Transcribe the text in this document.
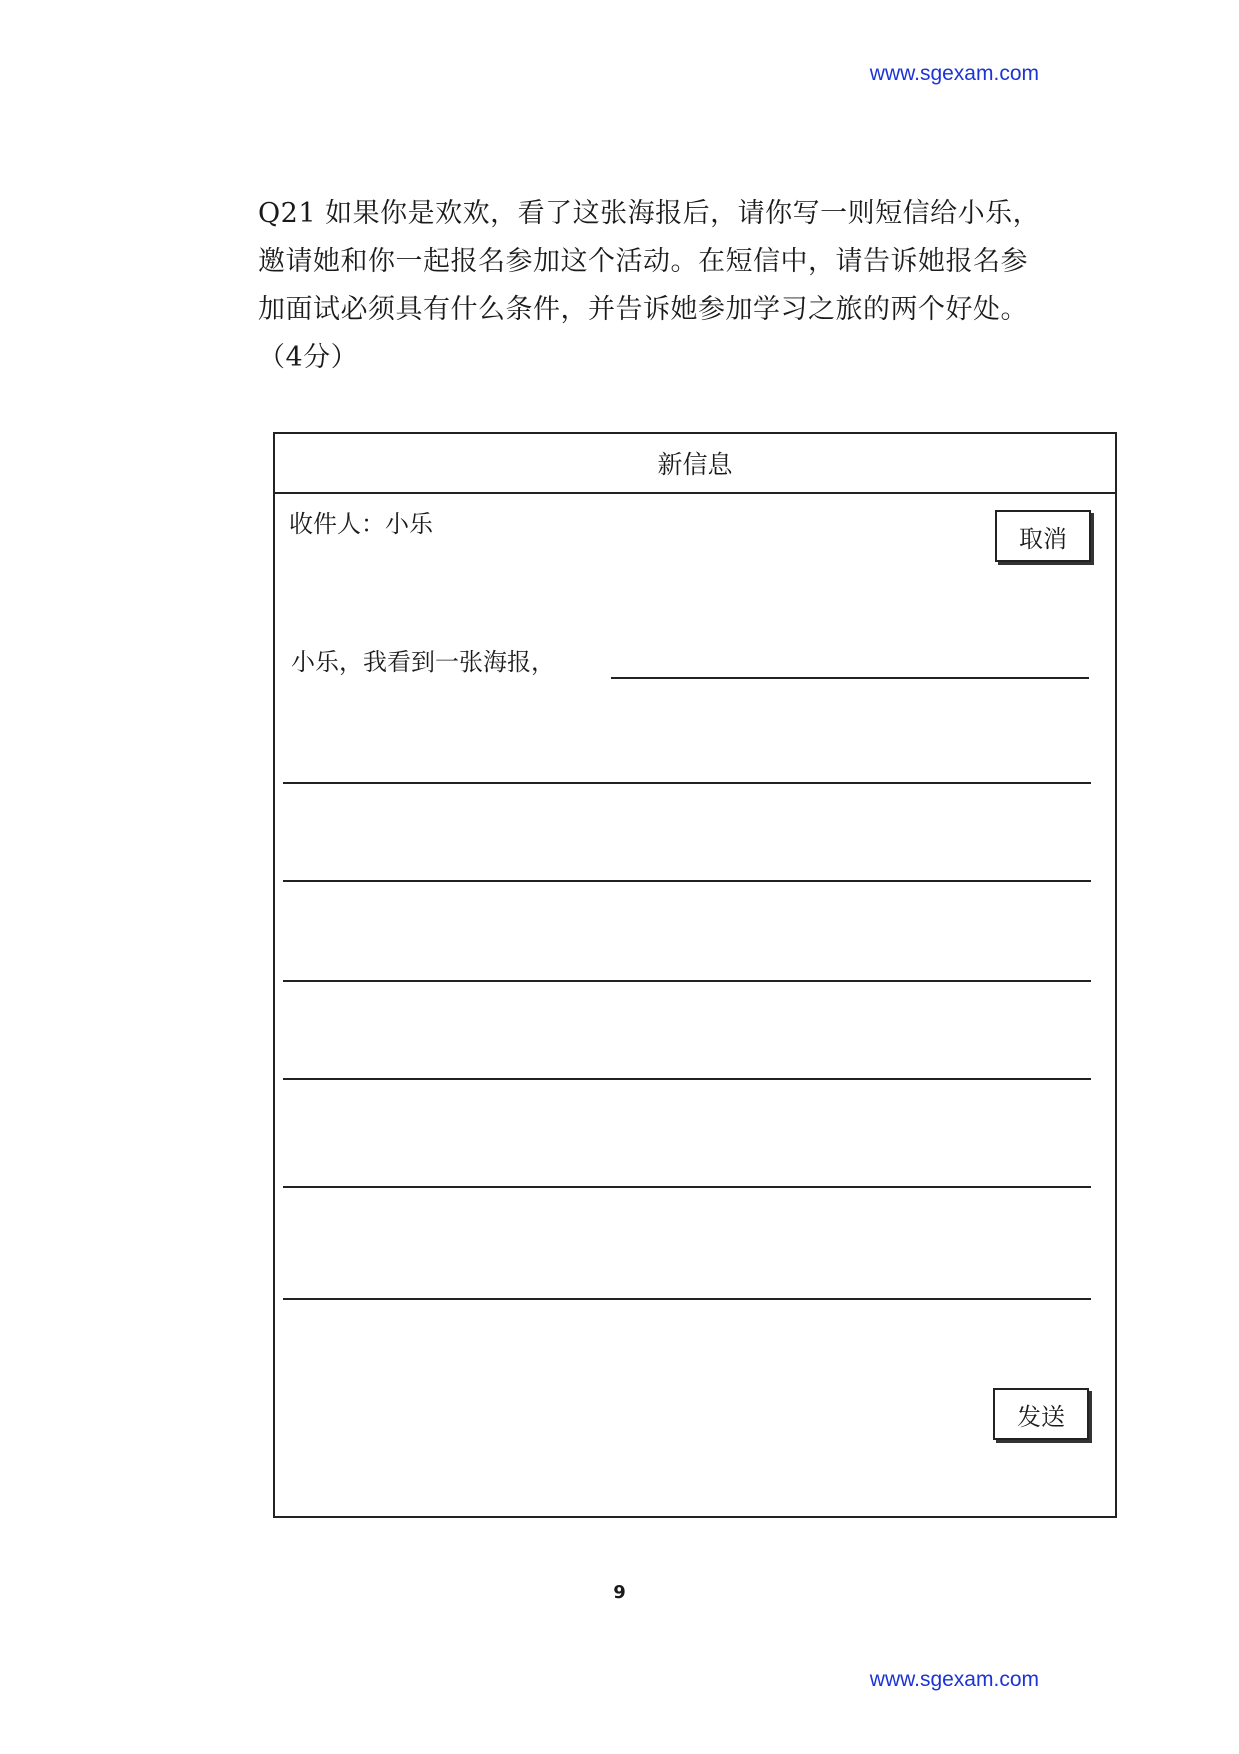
www.sgexam.com
Q21 如果你是欢欢，看了这张海报后，请你写一则短信给小乐，
邀请她和你一起报名参加这个活动。在短信中，请告诉她报名参
加面试必须具有什么条件，并告诉她参加学习之旅的两个好处。
（4分）
新信息
收件人：小乐
取消
小乐，我看到一张海报，
发送
9
www.sgexam.com
